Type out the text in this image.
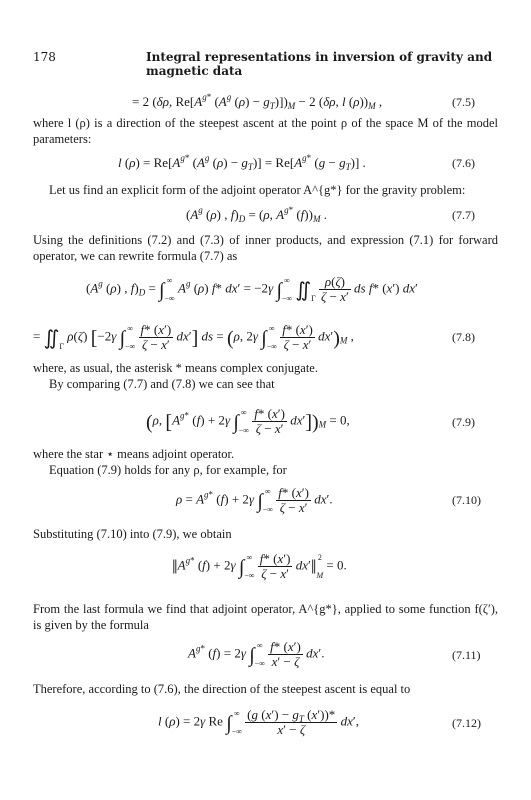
178	Integral representations in inversion of gravity and magnetic data
= 2 (δρ, $Re[A^{g*}$ ($A^g$ $(\rho) - g_T)])_M - 2$ (δρ, l $(\rho))_M$ ,	(7.5)
where l (ρ) is a direction of the steepest ascent at the point ρ of the space M of the model parameters:
l $(\rho) = Re[A^{g*}$ ($A^g$ $(\rho) - g_T)] = Re[A^{g*}$ $(g - g_T)$] .	(7.6)
Let us find an explicit form of the adjoint operator A^{g*} for the gravity problem:
($A^g$ (ρ) , $f)_D = (\rho$, $A^{g*}$ $(f))_M$ .	(7.7)
Using the definitions (7.2) and (7.3) of inner products, and expression (7.1) for forward operator, we can rewrite formula (7.7) as
($A^g$ (ρ) , $f)_D$ = ∫ ∞

−∞ $A^g$ (ρ) f* dx′ = −2γ ∫ ∞

−∞ ∬

Γ $\frac{\rho(\zeta)}{\zeta - x'}$ ds f* (x′) dx′
= ∬

Γ ρ(ζ) [−2γ ∫ ∞

−∞ $\frac{f* (x')}{\zeta - x'} dx'$] ds = (ρ, 2γ ∫ ∞

−∞ $\frac{f* (x')}{\zeta - x'} dx')_M$ ,	(7.8)
where, as usual, the asterisk * means complex conjugate.
By comparing (7.7) and (7.8) we can see that
(ρ, [$A^{g*}$ (f) + 2γ ∫ ∞

−∞ $\frac{f* (x')}{\zeta - x'} dx'])_M = 0$,	(7.9)
where the star ⋆ means adjoint operator.
Equation (7.9) holds for any ρ, for example, for
$\rho = A^{g*}$ (f) + 2γ ∫ ∞

−∞ $\frac{f* (x')}{\zeta - x'} dx'$.	(7.10)
Substituting (7.10) into (7.9), we obtain
$‖A^{g*}$ (f) + 2γ ∫ ∞

−∞ $\frac{f* (x')}{\zeta - x'}$ dx′‖2

M = 0.
From the last formula we find that adjoint operator, A^{g*}, applied to some function f(ζ′), is given by the formula
$A^{g*}$ (f) = 2γ ∫ ∞

−∞ $\frac{f* (x')}{x' - \zeta} dx'$.	(7.11)
Therefore, according to (7.6), the direction of the steepest ascent is equal to
l (ρ) = 2γ Re ∫ ∞

−∞ $\frac{(g (x') - g_T (x'))*}{x' - \zeta} dx'$,	(7.12)
